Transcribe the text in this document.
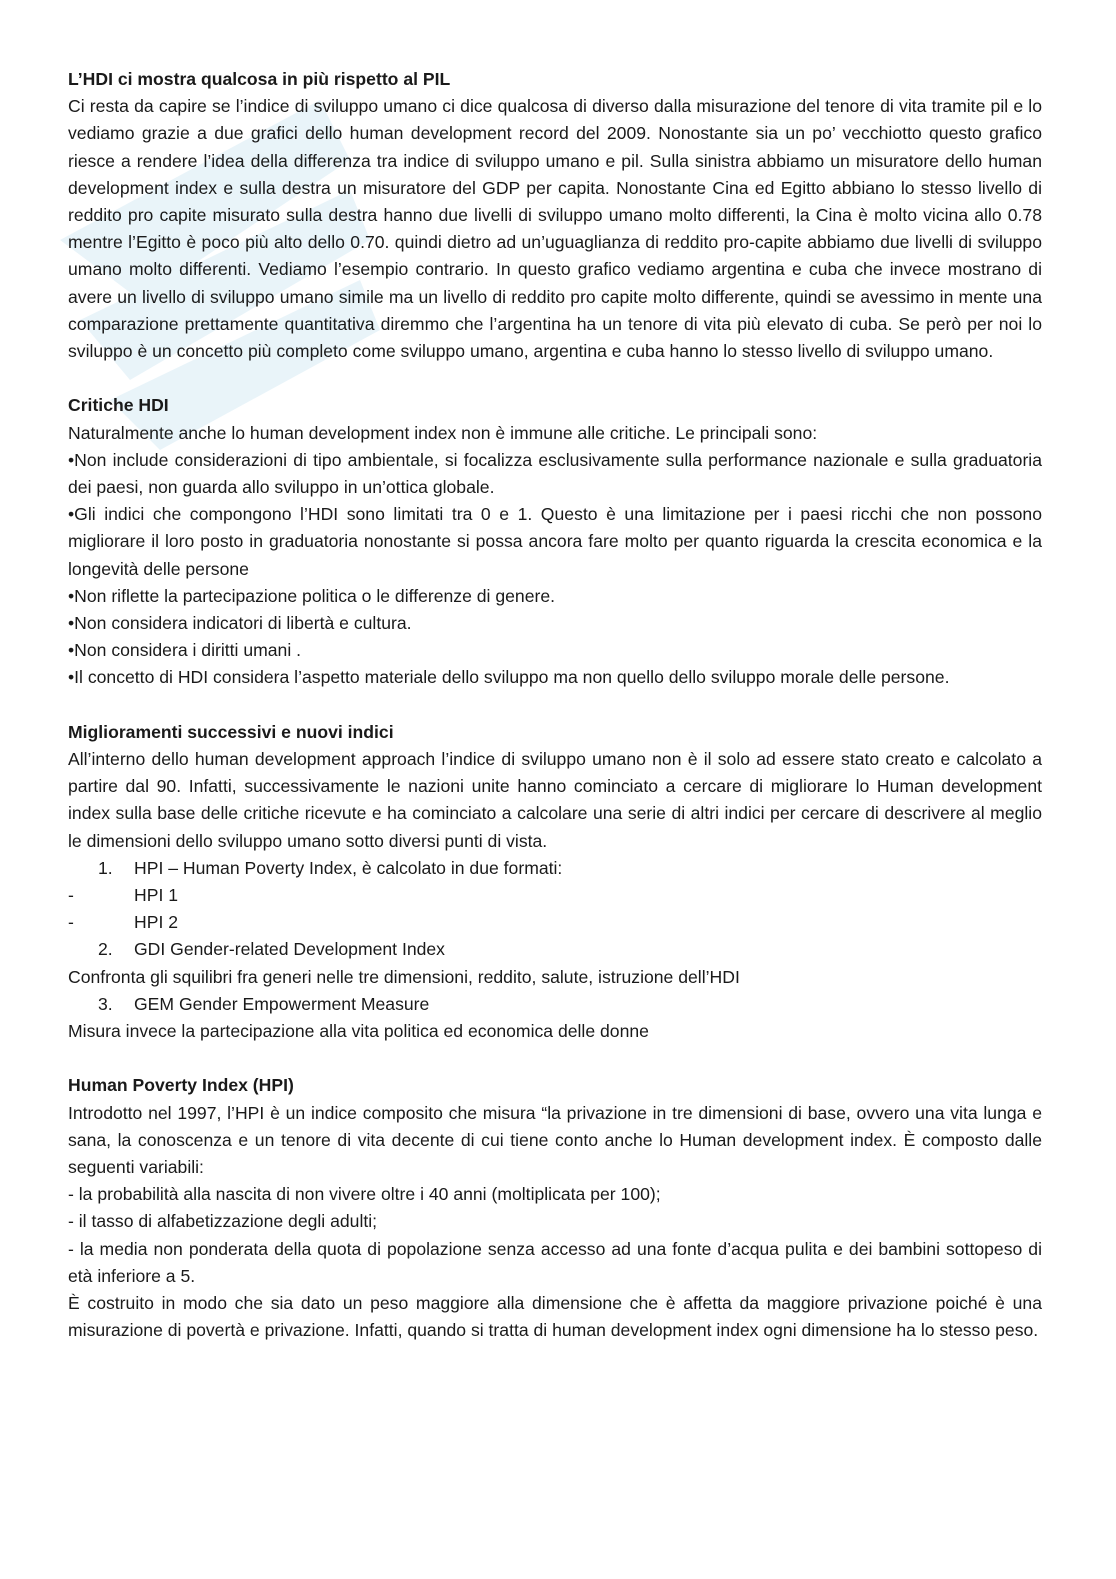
L’HDI ci mostra qualcosa in più rispetto al PIL

Ci resta da capire se l’indice di sviluppo umano ci dice qualcosa di diverso dalla misurazione del tenore di vita tramite pil e lo vediamo grazie a due grafici dello human development record del 2009. Nonostante sia un po’ vecchiotto questo grafico riesce a rendere l’idea della differenza tra indice di sviluppo umano e pil. Sulla sinistra abbiamo un misuratore dello human development index e sulla destra un misuratore del GDP per capita. Nonostante Cina ed Egitto abbiano lo stesso livello di reddito pro capite misurato sulla destra hanno due livelli di sviluppo umano molto differenti, la Cina è molto vicina allo 0.78 mentre l’Egitto è poco più alto dello 0.70. quindi dietro ad un’uguaglianza di reddito pro-capite abbiamo due livelli di sviluppo umano molto differenti. Vediamo l’esempio contrario. In questo grafico vediamo argentina e cuba che invece mostrano di avere un livello di sviluppo umano simile ma un livello di reddito pro capite molto differente, quindi se avessimo in mente una comparazione prettamente quantitativa diremmo che l’argentina ha un tenore di vita più elevato di cuba. Se però per noi lo sviluppo è un concetto più completo come sviluppo umano, argentina e cuba hanno lo stesso livello di sviluppo umano.

Critiche HDI

Naturalmente anche lo human development index non è immune alle critiche. Le principali sono:

•Non include considerazioni di tipo ambientale, si focalizza esclusivamente sulla performance nazionale e sulla graduatoria dei paesi, non guarda allo sviluppo in un’ottica globale.

•Gli indici che compongono l’HDI sono limitati tra 0 e 1. Questo è una limitazione per i paesi ricchi che non possono migliorare il loro posto in graduatoria nonostante si possa ancora fare molto per quanto riguarda la crescita economica e la longevità delle persone

•Non riflette la partecipazione politica o le differenze di genere.

•Non considera indicatori di libertà e cultura.

•Non considera i diritti umani .

•Il concetto di HDI considera l’aspetto materiale dello sviluppo ma non quello dello sviluppo morale delle persone.

Miglioramenti successivi e nuovi indici

All’interno dello human development approach l’indice di sviluppo umano non è il solo ad essere stato creato e calcolato a partire dal 90. Infatti, successivamente le nazioni unite hanno cominciato a cercare di migliorare lo Human development index sulla base delle critiche ricevute e ha cominciato a calcolare una serie di altri indici per cercare di descrivere al meglio le dimensioni dello sviluppo umano sotto diversi punti di vista.

1. HPI – Human Poverty Index, è calcolato in due formati:
-	HPI 1
-	HPI 2
2. GDI Gender-related Development Index

Confronta gli squilibri fra generi nelle tre dimensioni, reddito, salute, istruzione dell’HDI

3. GEM Gender Empowerment Measure

Misura invece la partecipazione alla vita politica ed economica delle donne

Human Poverty Index (HPI)

Introdotto nel 1997, l’HPI è un indice composito che misura “la privazione in tre dimensioni di base, ovvero una vita lunga e sana, la conoscenza e un tenore di vita decente di cui tiene conto anche lo Human development index. È composto dalle seguenti variabili:

- la probabilità alla nascita di non vivere oltre i 40 anni (moltiplicata per 100);

- il tasso di alfabetizzazione degli adulti;

- la media non ponderata della quota di popolazione senza accesso ad una fonte d’acqua pulita e dei bambini sottopeso di età inferiore a 5.

È costruito in modo che sia dato un peso maggiore alla dimensione che è affetta da maggiore privazione poiché è una misurazione di povertà e privazione. Infatti, quando si tratta di human development index ogni dimensione ha lo stesso peso.
